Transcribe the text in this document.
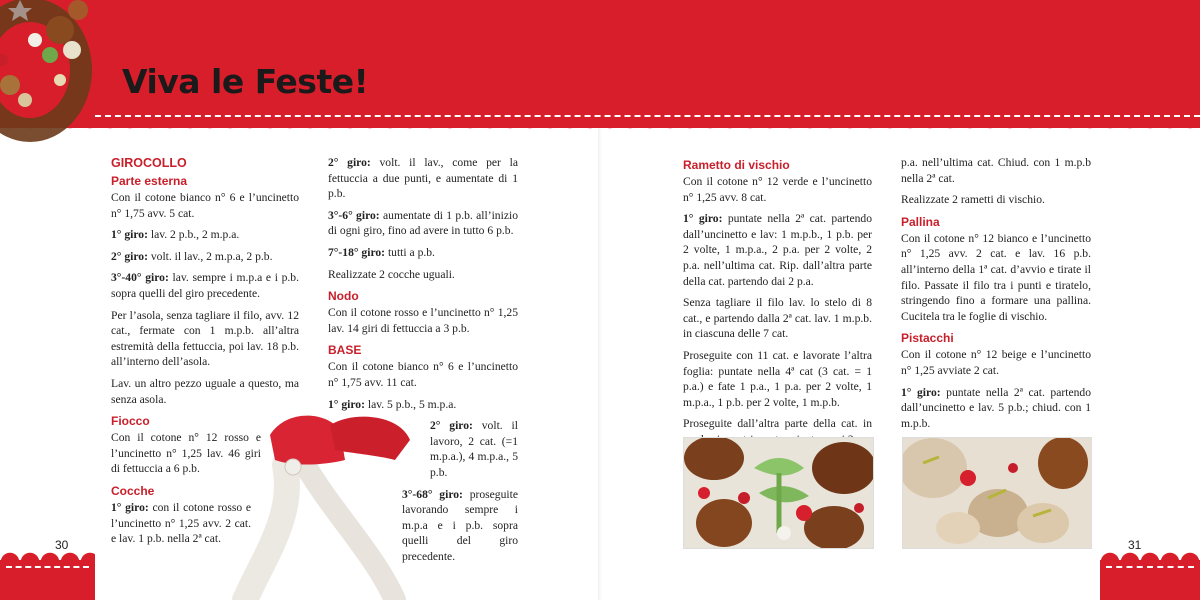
Viva le Feste!
GIROCOLLO
Parte esterna

Con il cotone bianco n° 6 e l’uncinetto n° 1,75 avv. 5 cat.

1° giro: lav. 2 p.b., 2 m.p.a.

2° giro: volt. il lav., 2 m.p.a, 2 p.b.

3°-40° giro: lav. sempre i m.p.a e i p.b. sopra quelli del giro precedente.

Per l’asola, senza tagliare il filo, avv. 12 cat., fermate con 1 m.p.b. all’altra estremità della fettuccia, poi lav. 18 p.b. all’interno dell’asola.

Lav. un altro pezzo uguale a questo, ma senza asola.

Fiocco

Con il cotone n° 12 rosso e l’uncinetto n° 1,25 lav. 46 giri di fettuccia a 6 p.b.

Cocche

1° giro: con il cotone rosso e l’uncinetto n° 1,25 avv. 2 cat. e lav. 1 p.b. nella 2ª cat.

2° giro: volt. il lav., come per la fettuccia a due punti, e aumentate di 1 p.b.

3°-6° giro: aumentate di 1 p.b. all’inizio di ogni giro, fino ad avere in tutto 6 p.b.

7°-18° giro: tutti a p.b.

Realizzate 2 cocche uguali.

Nodo

Con il cotone rosso e l’uncinetto n° 1,25 lav. 14 giri di fettuccia a 3 p.b.

BASE

Con il cotone bianco n° 6 e l’uncinetto n° 1,75 avv. 11 cat.

1° giro: lav. 5 p.b., 5 m.p.a.

2° giro: volt. il lavoro, 2 cat. (=1 m.p.a.), 4 m.p.a., 5 p.b.

3°-68° giro: proseguite lavorando sempre i m.p.a e i p.b. sopra quelli del giro precedente.

30
Rametto di vischio

Con il cotone n° 12 verde e l’uncinetto n° 1,25 avv. 8 cat.

1° giro: puntate nella 2ª cat. partendo dall’uncinetto e lav: 1 m.p.b., 1 p.b. per 2 volte, 1 m.p.a., 2 p.a. per 2 volte, 2 p.a. nell’ultima cat. Rip. dall’altra parte della cat. partendo dai 2 p.a.

Senza tagliare il filo lav. lo stelo di 8 cat., e partendo dalla 2ª cat. lav. 1 m.p.b. in ciascuna delle 7 cat.

Proseguite con 11 cat. e lavorate l’altra foglia: puntate nella 4ª cat (3 cat. = 1 p.a.) e fate 1 p.a., 1 p.a. per 2 volte, 1 m.p.a., 1 p.b. per 2 volte, 1 m.p.b.

Proseguite dall’altra parte della cat. in

p.a. nell’ultima cat. Chiud. con 1 m.p.b nella 2ª cat.

Realizzate 2 rametti di vischio.

Pallina

Con il cotone n° 12 bianco e l’uncinetto n° 1,25 avv. 2 cat. e lav. 16 p.b. all’interno della 1ª cat. d’avvio e tirate il filo. Passate il filo tra i punti e tiratelo, stringendo fino a formare una pallina. Cucitela tra le foglie di vischio.

Pistacchi

Con il cotone n° 12 beige e l’uncinetto n° 1,25 avviate 2 cat.

1° giro: puntate nella 2ª cat. partendo dall’uncinetto e lav. 5 p.b.; chiud. con 1 m.p.b.

31
